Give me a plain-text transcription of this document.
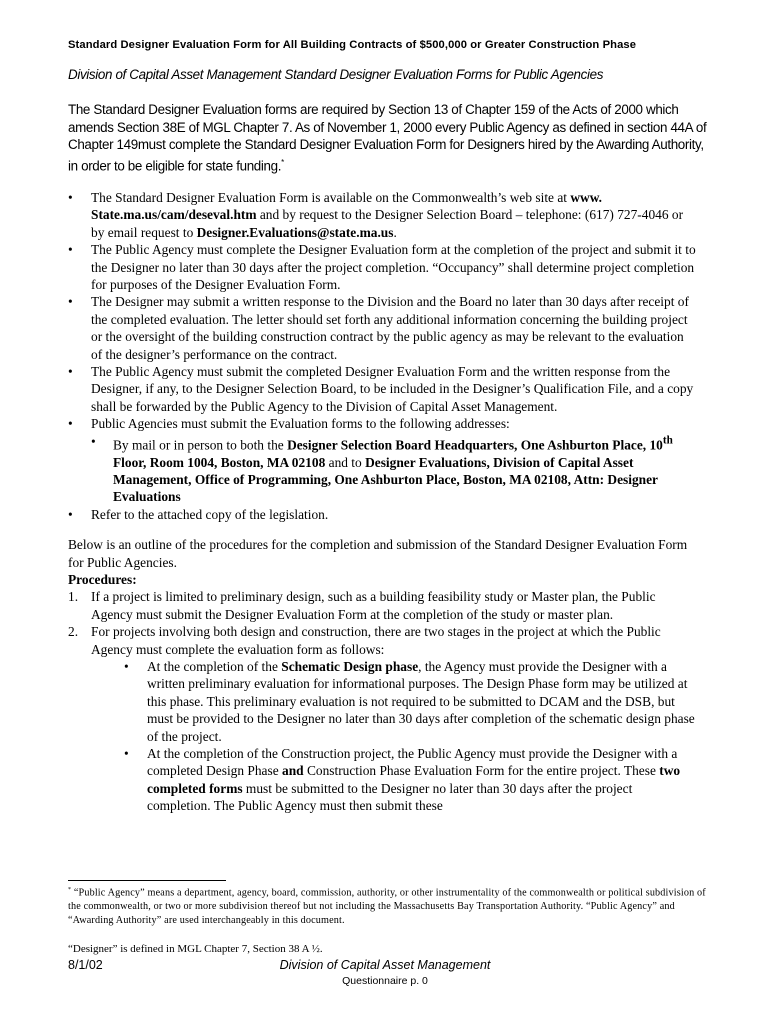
Standard Designer Evaluation Form for All Building Contracts of $500,000 or Greater Construction Phase
Division of Capital Asset Management Standard Designer Evaluation Forms for Public Agencies
The Standard Designer Evaluation forms are required by Section 13 of Chapter 159 of the Acts of 2000 which amends Section 38E of MGL Chapter 7. As of November 1, 2000 every Public Agency as defined in section 44A of Chapter 149must complete the Standard Designer Evaluation Form for Designers hired by the Awarding Authority, in order to be eligible for state funding.*
• The Standard Designer Evaluation Form is available on the Commonwealth’s web site at www. State.ma.us/cam/deseval.htm and by request to the Designer Selection Board – telephone: (617) 727-4046 or by email request to Designer.Evaluations@state.ma.us.
• The Public Agency must complete the Designer Evaluation form at the completion of the project and submit it to the Designer no later than 30 days after the project completion. “Occupancy” shall determine project completion for purposes of the Designer Evaluation Form.
• The Designer may submit a written response to the Division and the Board no later than 30 days after receipt of the completed evaluation. The letter should set forth any additional information concerning the building project or the oversight of the building construction contract by the public agency as may be relevant to the evaluation of the designer’s performance on the contract.
• The Public Agency must submit the completed Designer Evaluation Form and the written response from the Designer, if any, to the Designer Selection Board, to be included in the Designer’s Qualification File, and a copy shall be forwarded by the Public Agency to the Division of Capital Asset Management.
• Public Agencies must submit the Evaluation forms to the following addresses:
• By mail or in person to both the Designer Selection Board Headquarters, One Ashburton Place, 10th Floor, Room 1004, Boston, MA 02108 and to Designer Evaluations, Division of Capital Asset Management, Office of Programming, One Ashburton Place, Boston, MA 02108, Attn: Designer Evaluations
• Refer to the attached copy of the legislation.
Below is an outline of the procedures for the completion and submission of the Standard Designer Evaluation Form for Public Agencies.
Procedures:
1. If a project is limited to preliminary design, such as a building feasibility study or Master plan, the Public Agency must submit the Designer Evaluation Form at the completion of the study or master plan.
2. For projects involving both design and construction, there are two stages in the project at which the Public Agency must complete the evaluation form as follows:
• At the completion of the Schematic Design phase, the Agency must provide the Designer with a written preliminary evaluation for informational purposes. The Design Phase form may be utilized at this phase. This preliminary evaluation is not required to be submitted to DCAM and the DSB, but must be provided to the Designer no later than 30 days after completion of the schematic design phase of the project.
• At the completion of the Construction project, the Public Agency must provide the Designer with a completed Design Phase and Construction Phase Evaluation Form for the entire project. These two completed forms must be submitted to the Designer no later than 30 days after the project completion. The Public Agency must then submit these
* “Public Agency” means a department, agency, board, commission, authority, or other instrumentality of the commonwealth or political subdivision of the commonwealth, or two or more subdivision thereof but not including the Massachusetts Bay Transportation Authority. “Public Agency” and “Awarding Authority” are used interchangeably in this document.
“Designer” is defined in MGL Chapter 7, Section 38 A ½.
8/1/02	Division of Capital Asset Management
Questionnaire p. 0
